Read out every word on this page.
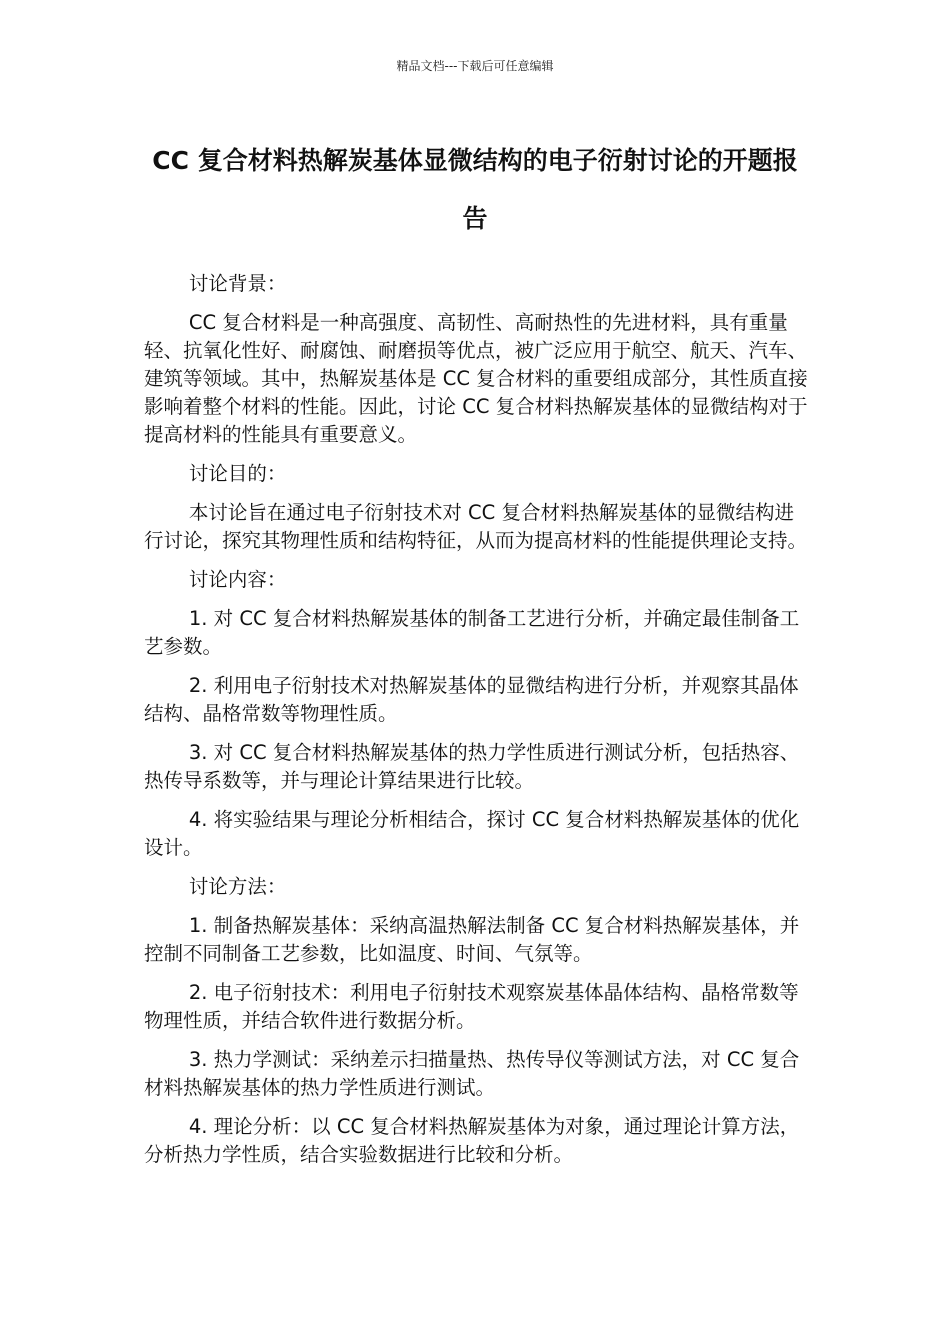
精品文档---下载后可任意编辑
CC 复合材料热解炭基体显微结构的电子衍射讨论的开题报告

讨论背景：

CC 复合材料是一种高强度、高韧性、高耐热性的先进材料，具有重量轻、抗氧化性好、耐腐蚀、耐磨损等优点，被广泛应用于航空、航天、汽车、建筑等领域。其中，热解炭基体是 CC 复合材料的重要组成部分，其性质直接影响着整个材料的性能。因此，讨论 CC 复合材料热解炭基体的显微结构对于提高材料的性能具有重要意义。

讨论目的：

本讨论旨在通过电子衍射技术对 CC 复合材料热解炭基体的显微结构进行讨论，探究其物理性质和结构特征，从而为提高材料的性能提供理论支持。

讨论内容：

1. 对 CC 复合材料热解炭基体的制备工艺进行分析，并确定最佳制备工艺参数。

2. 利用电子衍射技术对热解炭基体的显微结构进行分析，并观察其晶体结构、晶格常数等物理性质。

3. 对 CC 复合材料热解炭基体的热力学性质进行测试分析，包括热容、热传导系数等，并与理论计算结果进行比较。

4. 将实验结果与理论分析相结合，探讨 CC 复合材料热解炭基体的优化设计。

讨论方法：

1. 制备热解炭基体：采纳高温热解法制备 CC 复合材料热解炭基体，并控制不同制备工艺参数，比如温度、时间、气氛等。

2. 电子衍射技术：利用电子衍射技术观察炭基体晶体结构、晶格常数等物理性质，并结合软件进行数据分析。

3. 热力学测试：采纳差示扫描量热、热传导仪等测试方法，对 CC 复合材料热解炭基体的热力学性质进行测试。

4. 理论分析：以 CC 复合材料热解炭基体为对象，通过理论计算方法，分析热力学性质，结合实验数据进行比较和分析。
